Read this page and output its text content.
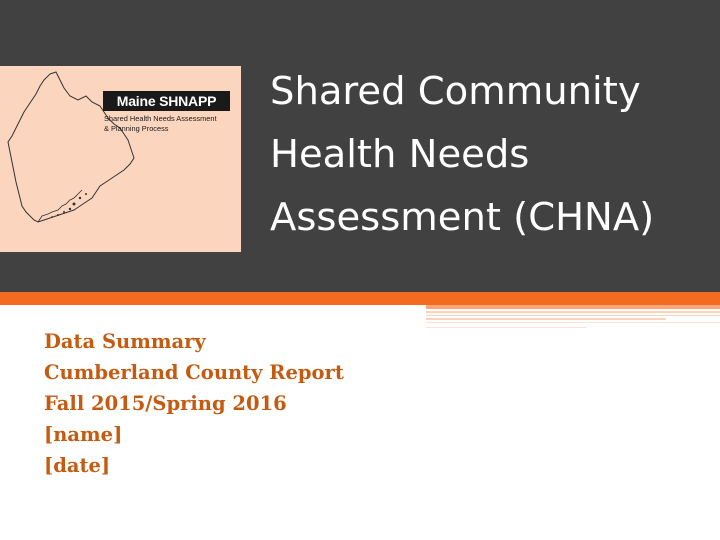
Maine SHNAPP
Shared Health Needs Assessment
& Planning Process
Shared Community
Health Needs
Assessment (CHNA)
Data Summary
Cumberland County Report
Fall 2015/Spring 2016
[name]
[date]
